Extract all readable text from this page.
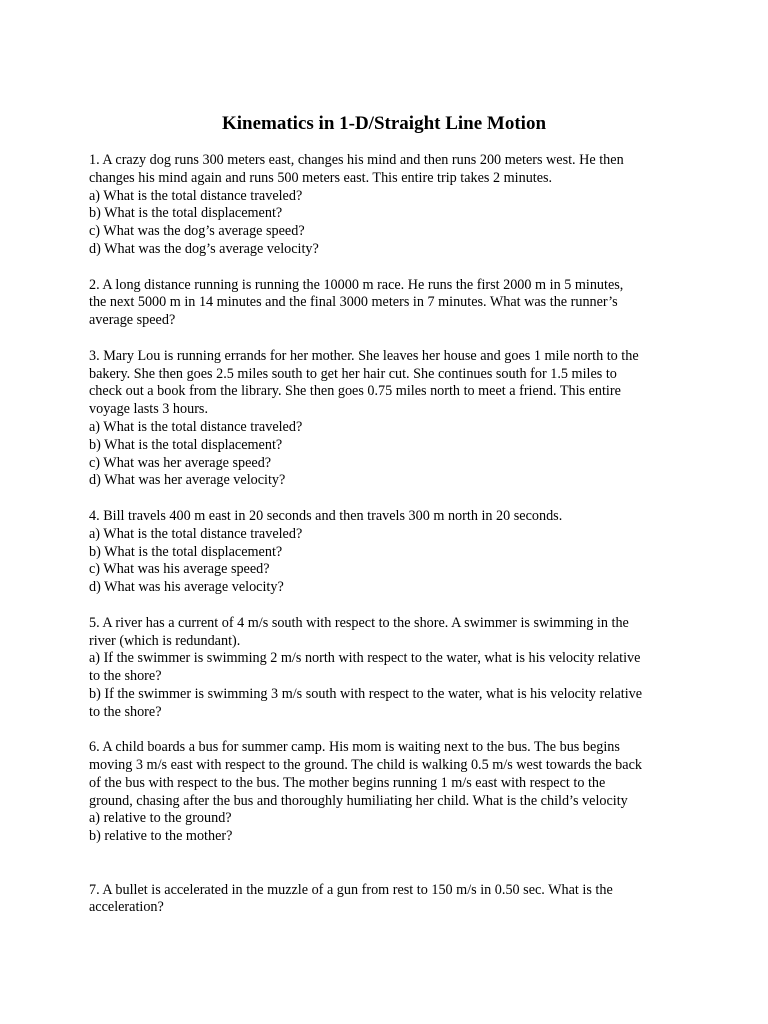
Kinematics in 1-D/Straight Line Motion
1. A crazy dog runs 300 meters east, changes his mind and then runs 200 meters west. He then
changes his mind again and runs 500 meters east. This entire trip takes 2 minutes.
a) What is the total distance traveled?
b) What is the total displacement?
c) What was the dog’s average speed?
d) What was the dog’s average velocity?
2. A long distance running is running the 10000 m race. He runs the first 2000 m in 5 minutes,
the next 5000 m in 14 minutes and the final 3000 meters in 7 minutes. What was the runner’s
average speed?
3. Mary Lou is running errands for her mother. She leaves her house and goes 1 mile north to the
bakery. She then goes 2.5 miles south to get her hair cut. She continues south for 1.5 miles to
check out a book from the library. She then goes 0.75 miles north to meet a friend. This entire
voyage lasts 3 hours.
a) What is the total distance traveled?
b) What is the total displacement?
c) What was her average speed?
d) What was her average velocity?
4. Bill travels 400 m east in 20 seconds and then travels 300 m north in 20 seconds.
a) What is the total distance traveled?
b) What is the total displacement?
c) What was his average speed?
d) What was his average velocity?
5. A river has a current of 4 m/s south with respect to the shore. A swimmer is swimming in the
river (which is redundant).
a) If the swimmer is swimming 2 m/s north with respect to the water, what is his velocity relative
to the shore?
b) If the swimmer is swimming 3 m/s south with respect to the water, what is his velocity relative
to the shore?
6. A child boards a bus for summer camp. His mom is waiting next to the bus. The bus begins
moving 3 m/s east with respect to the ground. The child is walking 0.5 m/s west towards the back
of the bus with respect to the bus. The mother begins running 1 m/s east with respect to the
ground, chasing after the bus and thoroughly humiliating her child. What is the child’s velocity
a) relative to the ground?
b) relative to the mother?
7. A bullet is accelerated in the muzzle of a gun from rest to 150 m/s in 0.50 sec. What is the
acceleration?
